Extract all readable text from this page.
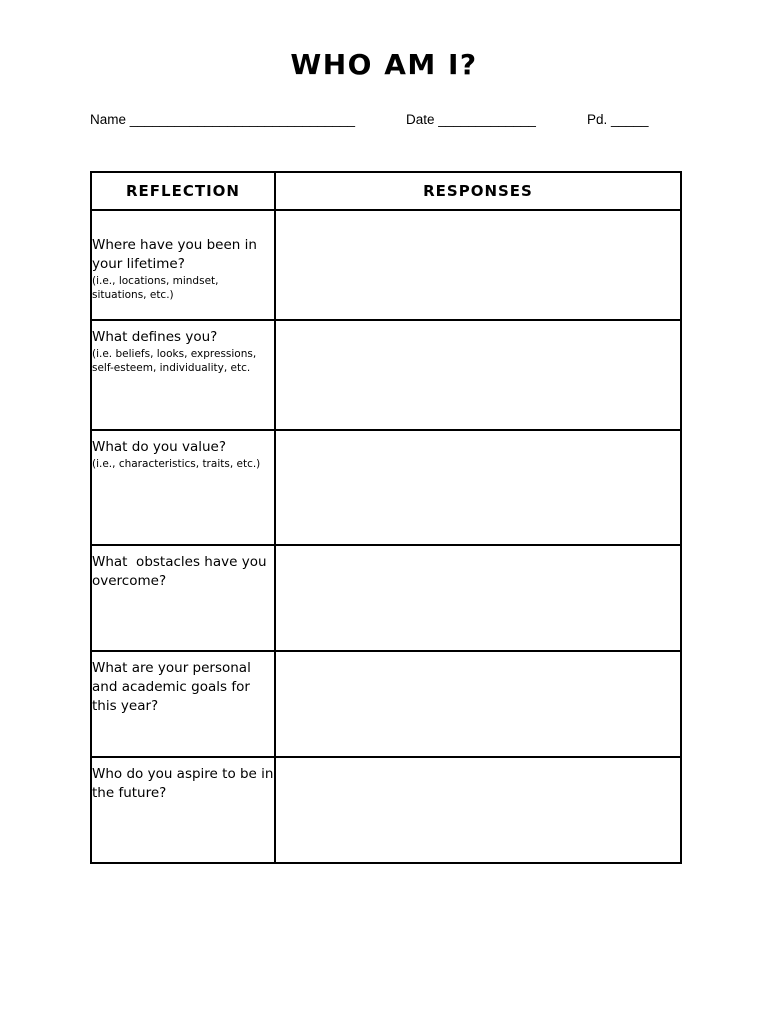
WHO AM I?
Name ______________________________	Date _____________	Pd. _____
REFLECTION	RESPONSES

Where have you been in your lifetime?
(i.e., locations, mindset, situations, etc.)	

What defines you?
(i.e. beliefs, looks, expressions, self-esteem, individuality, etc.	

What do you value?
(i.e., characteristics, traits, etc.)	

What  obstacles have you overcome?	

What are your personal and academic goals for this year?	

Who do you aspire to be in the future?	
